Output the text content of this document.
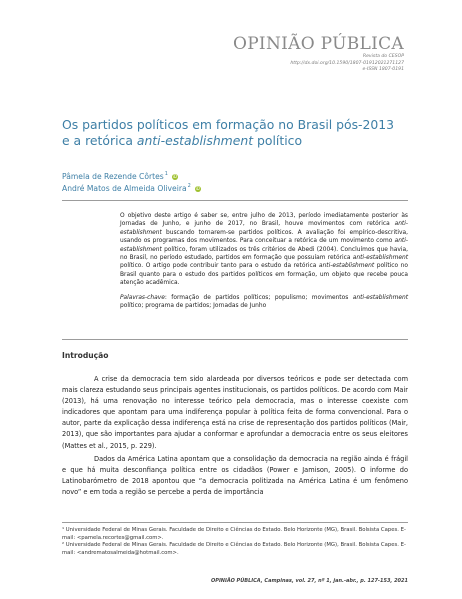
OPINIÃO PÚBLICA
Revista do CESOP
http://dx.doi.org/10.1590/1807-01912021271127
e-ISSN 1807-0191
Os partidos políticos em formação no Brasil pós-2013
e a retórica anti-establishment político
Pâmela de Rezende Côrtes$^1$ iD
André Matos de Almeida Oliveira$^2$ iD

O objetivo deste artigo é saber se, entre julho de 2013, período imediatamente posterior às Jornadas de Junho, e junho de 2017, no Brasil, houve movimentos com retórica anti-establishment buscando tornarem-se partidos políticos. A avaliação foi empírico-descritiva, usando os programas dos movimentos. Para conceituar a retórica de um movimento como anti-establishment político, foram utilizados os três critérios de Abedi (2004). Concluímos que havia, no Brasil, no período estudado, partidos em formação que possuíam retórica anti-establishment político. O artigo pode contribuir tanto para o estudo da retórica anti-establishment político no Brasil quanto para o estudo dos partidos políticos em formação, um objeto que recebe pouca atenção acadêmica.

Palavras-chave: formação de partidos políticos; populismo; movimentos anti-establishment político; programa de partidos; Jornadas de Junho

Introdução

A crise da democracia tem sido alardeada por diversos teóricos e pode ser detectada com mais clareza estudando seus principais agentes institucionais, os partidos políticos. De acordo com Mair (2013), há uma renovação no interesse teórico pela democracia, mas o interesse coexiste com indicadores que apontam para uma indiferença popular à política feita de forma convencional. Para o autor, parte da explicação dessa indiferença está na crise de representação dos partidos políticos (Mair, 2013), que são importantes para ajudar a conformar e aprofundar a democracia entre os seus eleitores (Mattes et al., 2015, p. 229).

Dados da América Latina apontam que a consolidação da democracia na região ainda é frágil e que há muita desconfiança política entre os cidadãos (Power e Jamison, 2005). O informe do Latinobarómetro de 2018 apontou que “a democracia politizada na América Latina é um fenômeno novo” e em toda a região se percebe a perda de importância

¹ Universidade Federal de Minas Gerais. Faculdade de Direito e Ciências do Estado. Belo Horizonte (MG), Brasil. Bolsista Capes. E-mail: <pamela.recortes@gmail.com>.

² Universidade Federal de Minas Gerais. Faculdade de Direito e Ciências do Estado. Belo Horizonte (MG), Brasil. Bolsista Capes. E-mail: <andrematosalmeida@hotmail.com>.

OPINIÃO PÚBLICA, Campinas, vol. 27, nº 1, jan.-abr., p. 127-153, 2021
